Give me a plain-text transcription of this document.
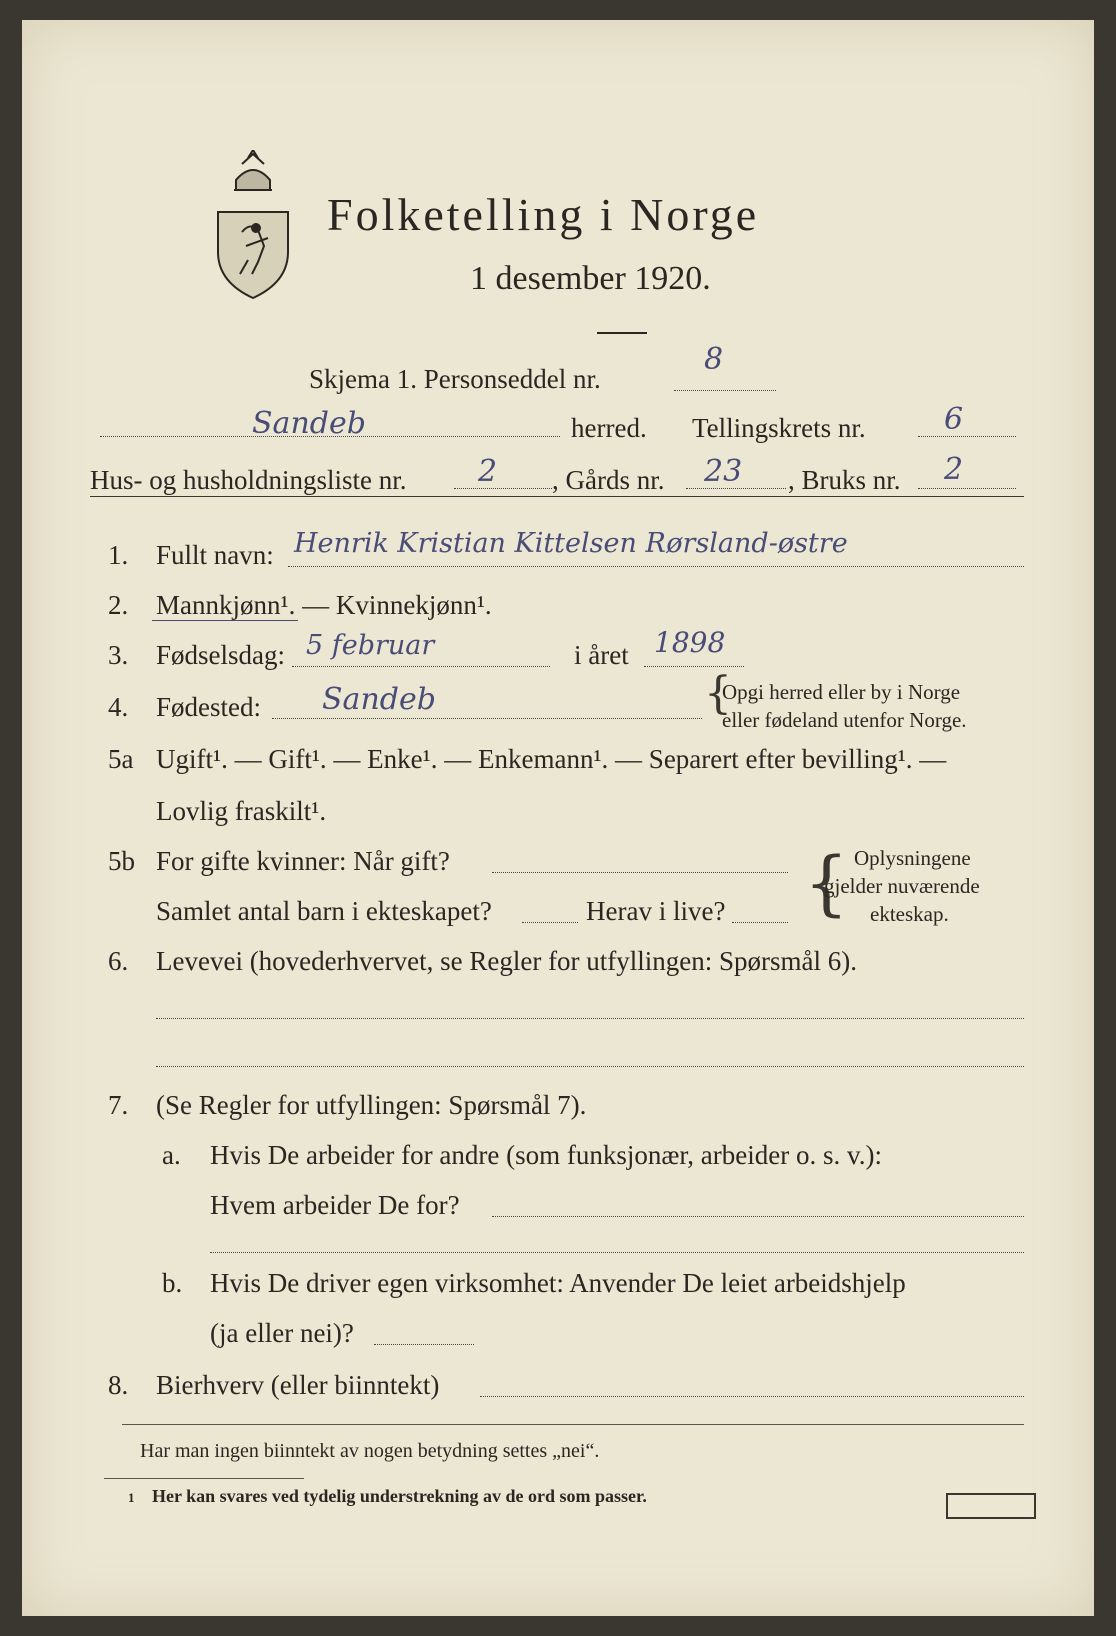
Folketelling i Norge
1 desember 1920.
Skjema 1. Personseddel nr.
8
Sandeb	herred. Tellingskrets nr.	6
Hus- og husholdningsliste nr. 2 , Gårds nr. 23 , Bruks nr. 2
1. Fullt navn: Henrik Kristian Kittelsen Rørsland-østre
2. Mannkjønn¹. — Kvinnekjønn¹.
3. Fødselsdag: 5 februar	i året 1898
4. Fødested: Sandeb	{
Opgi herred eller by i Norge
eller fødeland utenfor Norge.
5a Ugift¹. — Gift¹. — Enke¹. — Enkemann¹. — Separert efter bevilling¹. —
Lovlig fraskilt¹.
5b For gifte kvinner: Når gift?
Samlet antal barn i ekteskapet?	Herav i live? { Oplysningene
gjelder nuværende
ekteskap.
6. Levevei (hovederhvervet, se Regler for utfyllingen: Spørsmål 6).
7. (Se Regler for utfyllingen: Spørsmål 7).
a. Hvis De arbeider for andre (som funksjonær, arbeider o. s. v.):
Hvem arbeider De for?
b. Hvis De driver egen virksomhet: Anvender De leiet arbeidshjelp
(ja eller nei)?
8. Bierhverv (eller biinntekt)
Har man ingen biinntekt av nogen betydning settes „nei“.
1 Her kan svares ved tydelig understrekning av de ord som passer.
